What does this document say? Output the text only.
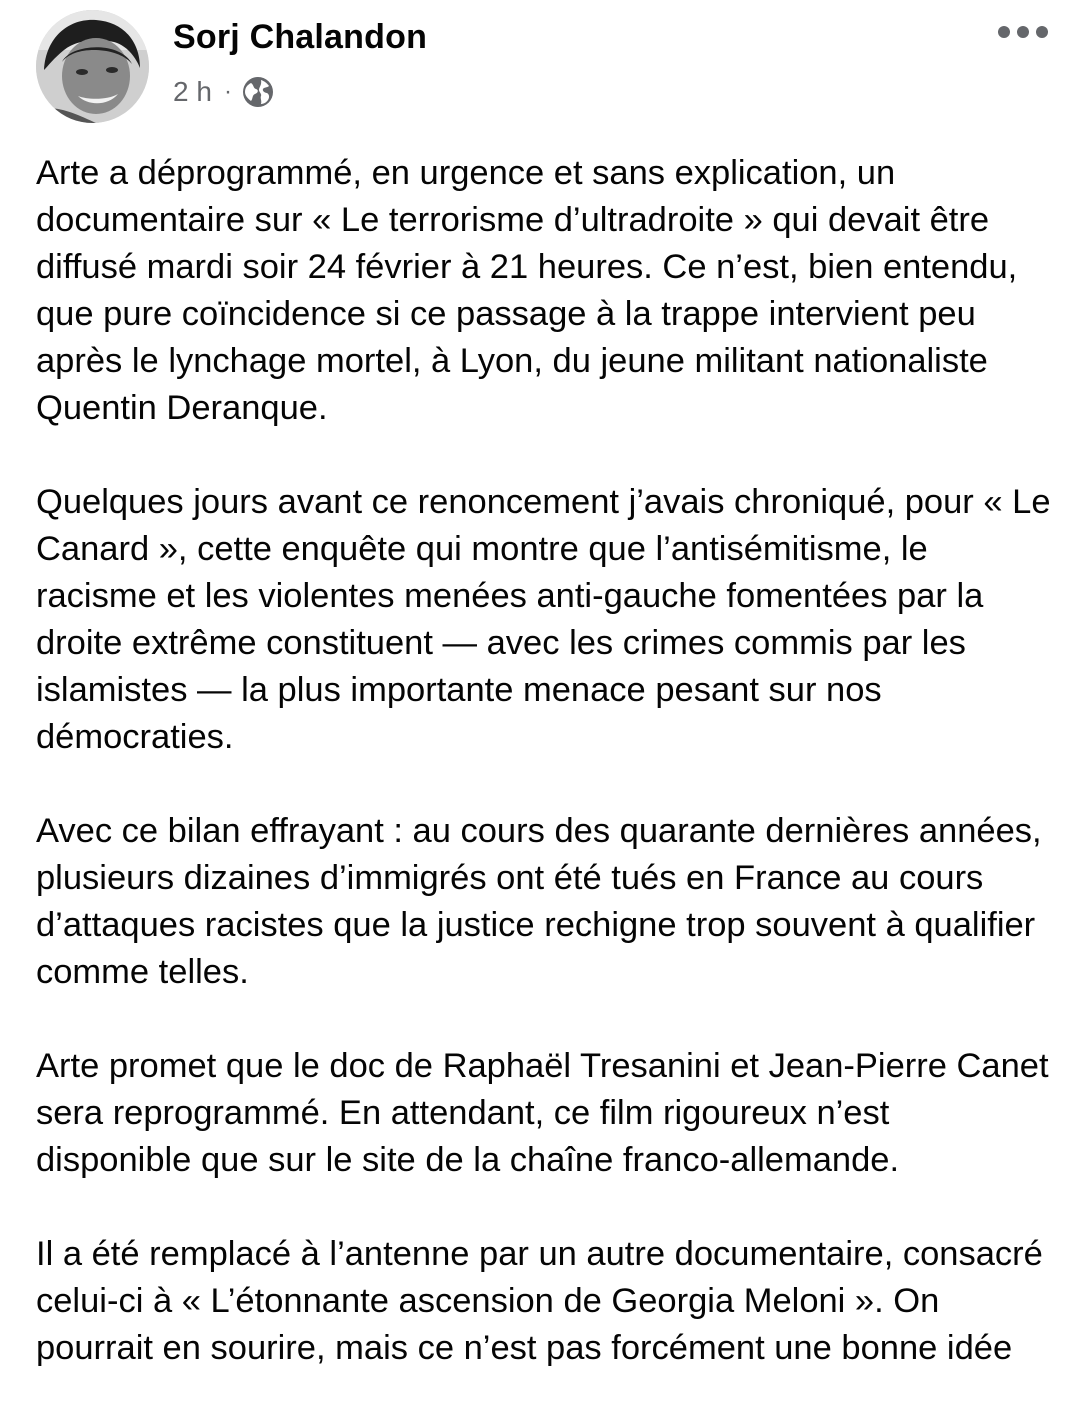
Sorj Chalandon
2 h ·

Arte a déprogrammé, en urgence et sans explication, un documentaire sur « Le terrorisme d’ultradroite » qui devait être diffusé mardi soir 24 février à 21 heures. Ce n’est, bien entendu, que pure coïncidence si ce passage à la trappe intervient peu après le lynchage mortel, à Lyon, du jeune militant nationaliste Quentin Deranque.

Quelques jours avant ce renoncement j’avais chroniqué, pour « Le Canard », cette enquête qui montre que l’antisémitisme, le racisme et les violentes menées anti-gauche fomentées par la droite extrême constituent — avec les crimes commis par les islamistes — la plus importante menace pesant sur nos démocraties.

Avec ce bilan effrayant : au cours des quarante dernières années, plusieurs dizaines d’immigrés ont été tués en France au cours d’attaques racistes que la justice rechigne trop souvent à qualifier comme telles.

Arte promet que le doc de Raphaël Tresanini et Jean-Pierre Canet sera reprogrammé. En attendant, ce film rigoureux n’est disponible que sur le site de la chaîne franco-allemande.

Il a été remplacé à l’antenne par un autre documentaire, consacré celui-ci à « L’étonnante ascension de Georgia Meloni ». On pourrait en sourire, mais ce n’est pas forcément une bonne idée
